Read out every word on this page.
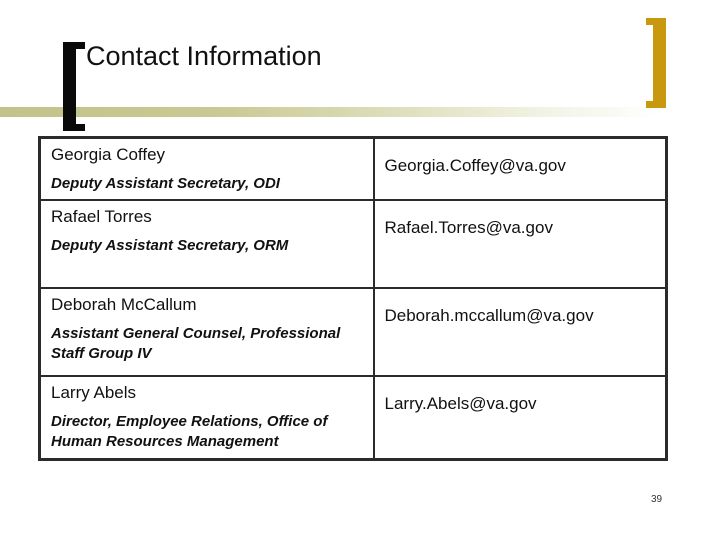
Contact Information

Georgia Coffey

Deputy Assistant Secretary, ODI	Georgia.Coffey@va.gov

Rafael Torres

Deputy Assistant Secretary, ORM	Rafael.Torres@va.gov

Deborah McCallum

Assistant General Counsel, Professional Staff Group IV	Deborah.mccallum@va.gov

Larry Abels

Director, Employee Relations, Office of Human Resources Management	Larry.Abels@va.gov
39
